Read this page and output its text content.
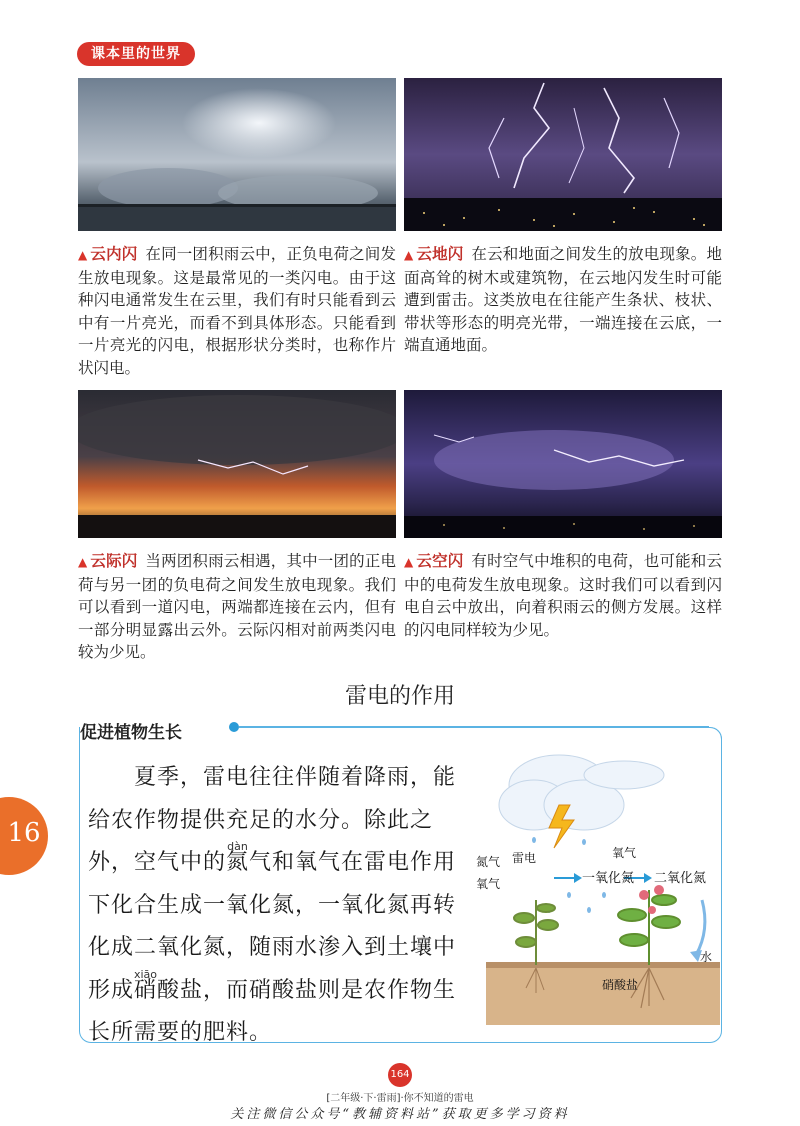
课本里的世界

▲ 云内闪 在同一团积雨云中，正负电荷之间发生放电现象。这是最常见的一类闪电。由于这种闪电通常发生在云里，我们有时只能看到云中有一片亮光，而看不到具体形态。只能看到一片亮光的闪电，根据形状分类时，也称作片状闪电。

▲ 云地闪 在云和地面之间发生的放电现象。地面高耸的树木或建筑物，在云地闪发生时可能遭到雷击。这类放电在往能产生条状、枝状、带状等形态的明亮光带，一端连接在云底，一端直通地面。

▲ 云际闪 当两团积雨云相遇，其中一团的正电荷与另一团的负电荷之间发生放电现象。我们可以看到一道闪电，两端都连接在云内，但有一部分明显露出云外。云际闪相对前两类闪电较为少见。

▲ 云空闪 有时空气中堆积的电荷，也可能和云中的电荷发生放电现象。这时我们可以看到闪电自云中放出，向着积雨云的侧方发展。这样的闪电同样较为少见。

雷电的作用
促进植物生长
夏季，雷电往往伴随着降雨，能给农作物提供充足的水分。除此之外，空气中的
dàn
氮气和氧气在雷电作用下化合生成一氧化氮，一氧化氮再转化成二氧化氮，随雨水渗入到土壤中形成
xiāo
硝酸盐，而硝酸盐则是农作物生长所需要的肥料。
氮气 雷电	氧气
氧气	一氧化氮 二氧化氮
水
硝酸盐
16
164
[二年级·下·雷雨]·你不知道的雷电
关注微信公众号“教辅资料站”获取更多学习资料
